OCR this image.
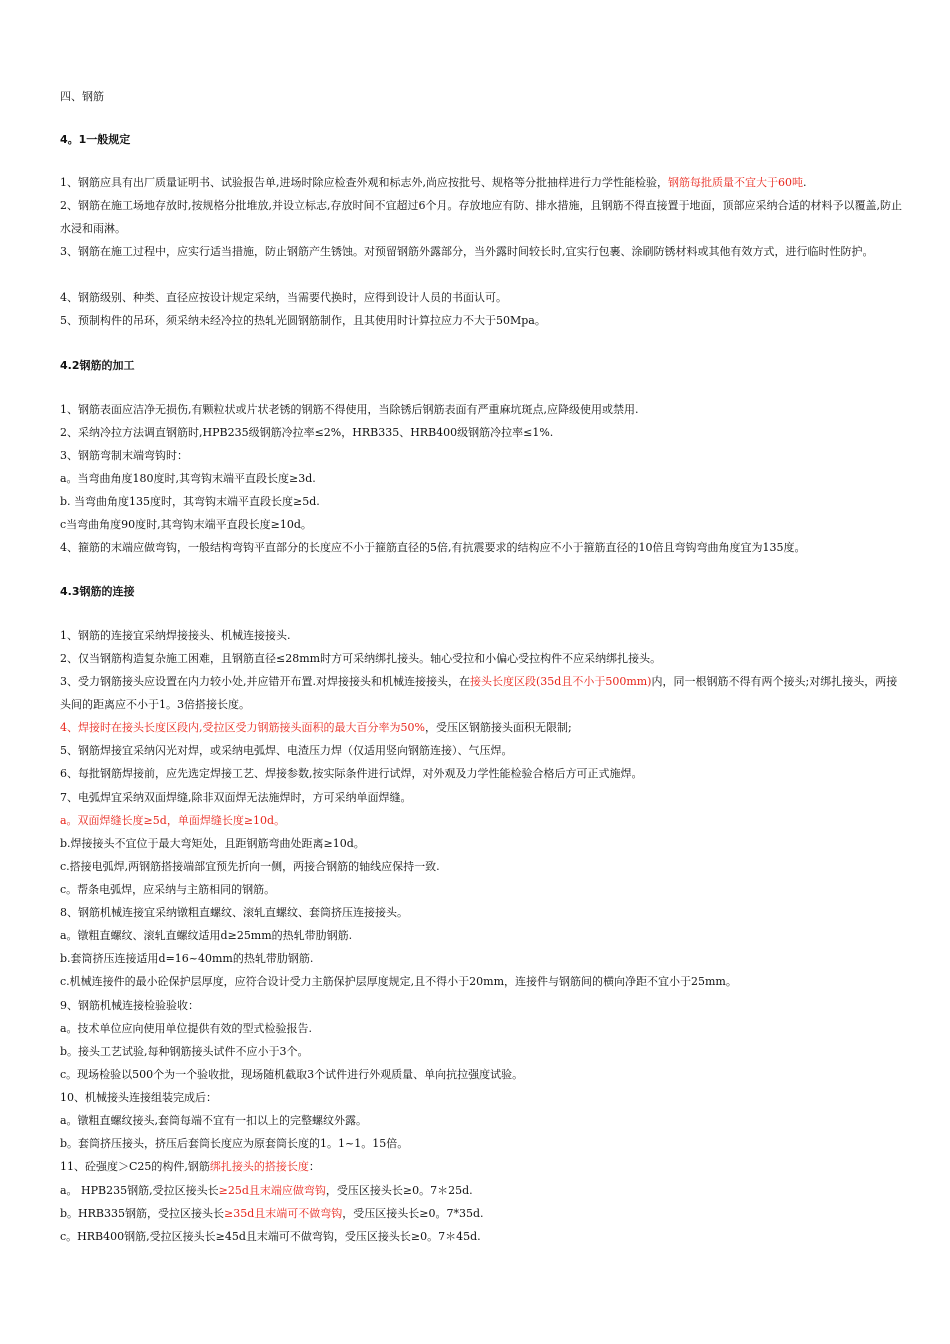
四、钢筋
4。1一般规定
1、钢筋应具有出厂质量证明书、试验报告单,进场时除应检查外观和标志外,尚应按批号、规格等分批抽样进行力学性能检验，钢筋每批质量不宜大于60吨.
2、钢筋在施工场地存放时,按规格分批堆放,并设立标志,存放时间不宜超过6个月。存放地应有防、排水措施，且钢筋不得直接置于地面，顶部应采纳合适的材料予以覆盖,防止水浸和雨淋。
3、钢筋在施工过程中，应实行适当措施，防止钢筋产生锈蚀。对预留钢筋外露部分，当外露时间较长时,宜实行包裹、涂刷防锈材料或其他有效方式，进行临时性防护。
4、钢筋级别、种类、直径应按设计规定采纳，当需要代换时，应得到设计人员的书面认可。
5、预制构件的吊环，须采纳未经冷拉的热轧光圆钢筋制作，且其使用时计算拉应力不大于50Mpa。
4.2钢筋的加工
1、钢筋表面应洁净无损伤,有颗粒状或片状老锈的钢筋不得使用，当除锈后钢筋表面有严重麻坑斑点,应降级使用或禁用.
2、采纳冷拉方法调直钢筋时,HPB235级钢筋冷拉率≤2%，HRB335、HRB400级钢筋冷拉率≤1%.
3、钢筋弯制末端弯钩时：
a。当弯曲角度180度时,其弯钩末端平直段长度≥3d.
b. 当弯曲角度135度时，其弯钩末端平直段长度≥5d.
c当弯曲角度90度时,其弯钩末端平直段长度≥10d。
4、箍筋的末端应做弯钩，一般结构弯钩平直部分的长度应不小于箍筋直径的5倍,有抗震要求的结构应不小于箍筋直径的10倍且弯钩弯曲角度宜为135度。
4.3钢筋的连接
1、钢筋的连接宜采纳焊接接头、机械连接接头.
2、仅当钢筋构造复杂施工困难，且钢筋直径≤28mm时方可采纳绑扎接头。轴心受拉和小偏心受拉构件不应采纳绑扎接头。
3、受力钢筋接头应设置在内力较小处,并应错开布置.对焊接接头和机械连接接头，在接头长度区段(35d且不小于500mm)内，同一根钢筋不得有两个接头;对绑扎接头，两接头间的距离应不小于1。3倍搭接长度。
4、焊接时在接头长度区段内,受拉区受力钢筋接头面积的最大百分率为50%，受压区钢筋接头面积无限制;
5、钢筋焊接宜采纳闪光对焊，或采纳电弧焊、电渣压力焊（仅适用竖向钢筋连接）、气压焊。
6、每批钢筋焊接前，应先选定焊接工艺、焊接参数,按实际条件进行试焊，对外观及力学性能检验合格后方可正式施焊。
7、电弧焊宜采纳双面焊缝,除非双面焊无法施焊时，方可采纳单面焊缝。
a。双面焊缝长度≥5d，单面焊缝长度≥10d。
b.焊接接头不宜位于最大弯矩处，且距钢筋弯曲处距离≥10d。
c.搭接电弧焊,两钢筋搭接端部宜预先折向一侧，两接合钢筋的轴线应保持一致.
c。帮条电弧焊，应采纳与主筋相同的钢筋。
8、钢筋机械连接宜采纳镦粗直螺纹、滚轧直螺纹、套筒挤压连接接头。
a。镦粗直螺纹、滚轧直螺纹适用d≥25mm的热轧带肋钢筋.
b.套筒挤压连接适用d=16~40mm的热轧带肋钢筋.
c.机械连接件的最小砼保护层厚度，应符合设计受力主筋保护层厚度规定,且不得小于20mm，连接件与钢筋间的横向净距不宜小于25mm。
9、钢筋机械连接检验验收：
a。技术单位应向使用单位提供有效的型式检验报告.
b。接头工艺试验,每种钢筋接头试件不应小于3个。
c。现场检验以500个为一个验收批，现场随机截取3个试件进行外观质量、单向抗拉强度试验。
10、机械接头连接组装完成后：
a。镦粗直螺纹接头,套筒每端不宜有一扣以上的完整螺纹外露。
b。套筒挤压接头，挤压后套筒长度应为原套筒长度的1。1~1。15倍。
11、砼强度＞C25的构件,钢筋绑扎接头的搭接长度：
a。 HPB235钢筋,受拉区接头长≥25d且末端应做弯钩，受压区接头长≥0。7＊25d.
b。HRB335钢筋，受拉区接头长≥35d且末端可不做弯钩，受压区接头长≥0。7*35d.
c。HRB400钢筋,受拉区接头长≥45d且末端可不做弯钩，受压区接头长≥0。7＊45d.
